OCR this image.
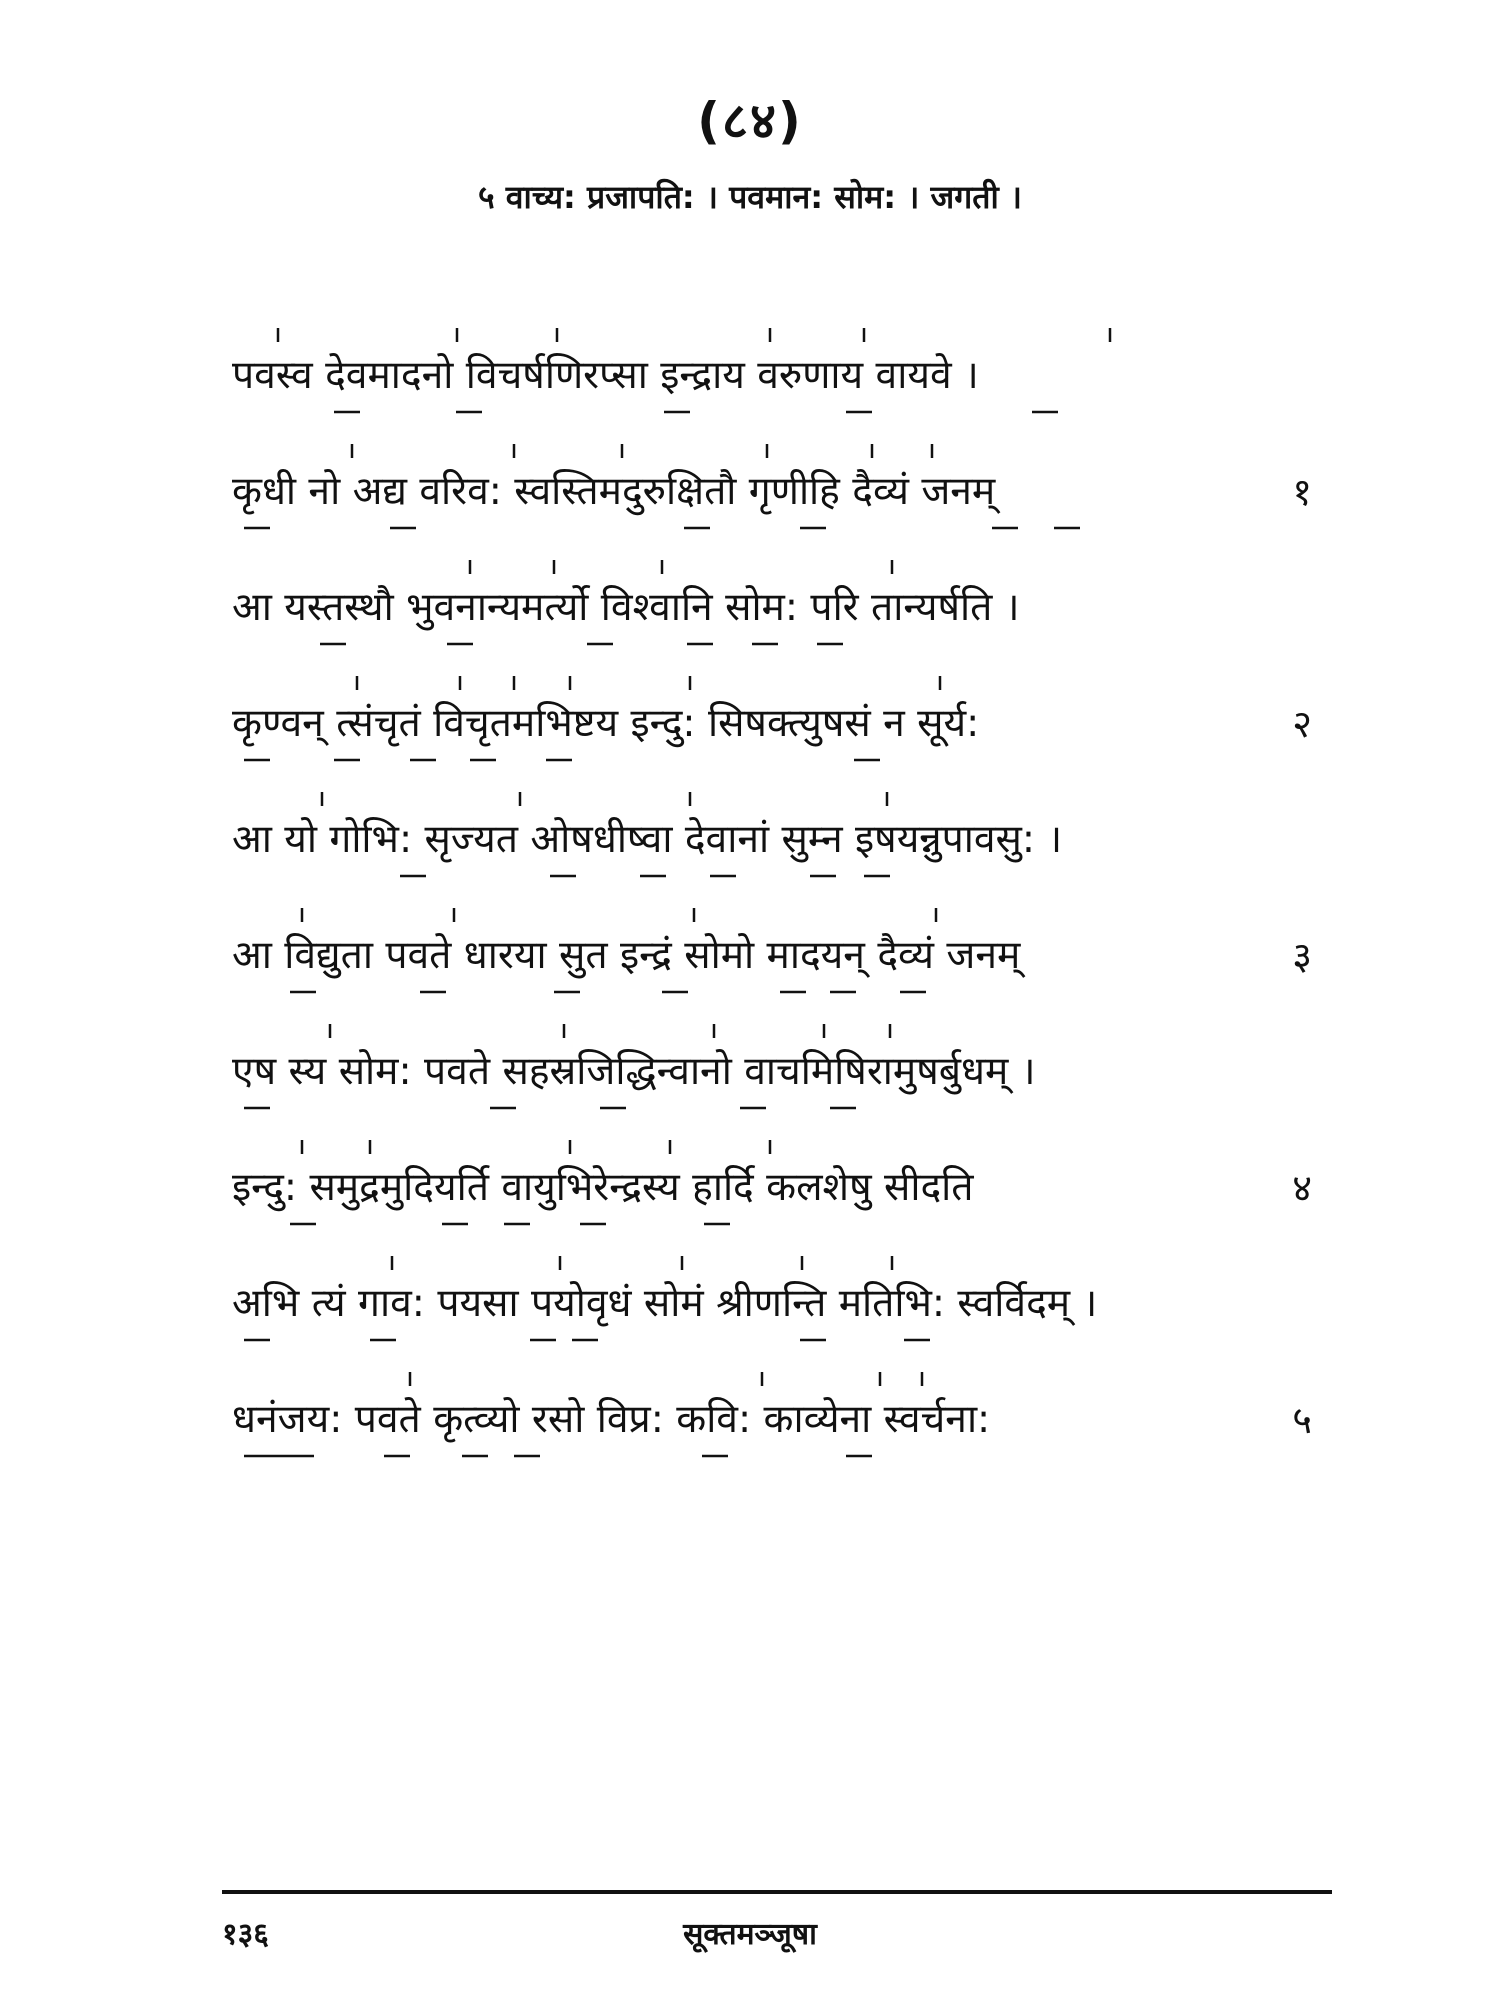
(८४)
५ वाच्य: प्रजापति: । पवमान: सोम: । जगती ।
पवस्व देवमादनो विचर्षणिरप्सा इन्द्राय वरुणाय वायवे ।
कृधी नो अद्य वरिव: स्वस्तिमदुरुक्षितौ गृणीहि दैव्यं जनम्	१
आ यस्तस्थौ भुवनान्यमर्त्यो विश्वानि सोम: परि तान्यर्षति ।
कृण्वन् त्संचृतं विचृतमभिष्टय इन्दु: सिषक्त्युषसं न सूर्य:	२
आ यो गोभि: सृज्यत ओषधीष्वा देवानां सुम्न इषयन्नुपावसु: ।
आ विद्युता पवते धारया सुत इन्द्रं सोमो मादयन् दैव्यं जनम्	३
एष स्य सोम: पवते सहस्रजिद्धिन्वानो वाचमिषिरामुषर्बुधम् ।
इन्दु: समुद्रमुदियर्ति वायुभिरेन्द्रस्य हार्दि कलशेषु सीदति	४
अभि त्यं गाव: पयसा पयोवृधं सोमं श्रीणन्ति मतिभि: स्वर्विदम् ।
धनंजय: पवते कृत्व्यो रसो विप्र: कवि: काव्येना स्वर्चना:	५
१३६	सूक्तमञ्जूषा
